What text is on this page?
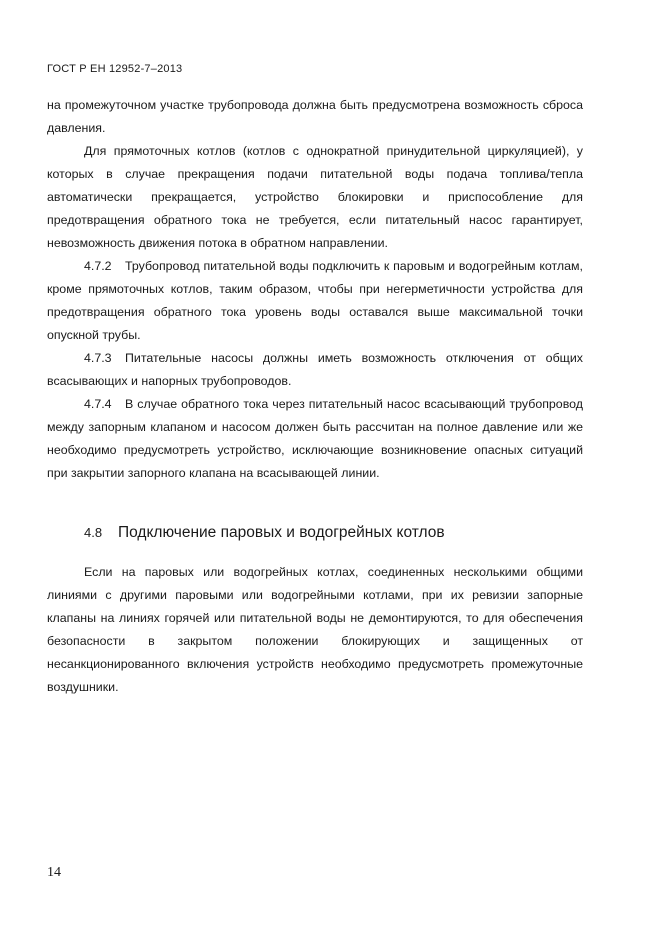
ГОСТ Р ЕН 12952-7–2013

на промежуточном участке трубопровода должна быть предусмотрена возможность сброса давления.

Для прямоточных котлов (котлов с однократной принудительной циркуляцией), у которых в случае прекращения подачи питательной воды подача топлива/тепла автоматически прекращается, устройство блокировки и приспособление для предотвращения обратного тока не требуется, если питательный насос гарантирует, невозможность движения потока в обратном направлении.

4.7.2 Трубопровод питательной воды подключить к паровым и водогрейным котлам, кроме прямоточных котлов, таким образом, чтобы при негерметичности устройства для предотвращения обратного тока уровень воды оставался выше максимальной точки опускной трубы.

4.7.3 Питательные насосы должны иметь возможность отключения от общих всасывающих и напорных трубопроводов.

4.7.4 В случае обратного тока через питательный насос всасывающий трубопровод между запорным клапаном и насосом должен быть рассчитан на полное давление или же необходимо предусмотреть устройство, исключающие возникновение опасных ситуаций при закрытии запорного клапана на всасывающей линии.

4.8 Подключение паровых и водогрейных котлов

Если на паровых или водогрейных котлах, соединенных несколькими общими линиями с другими паровыми или водогрейными котлами, при их ревизии запорные клапаны на линиях горячей или питательной воды не демонтируются, то для обеспечения безопасности в закрытом положении блокирующих и защищенных от несанкционированного включения устройств необходимо предусмотреть промежуточные воздушники.

14
